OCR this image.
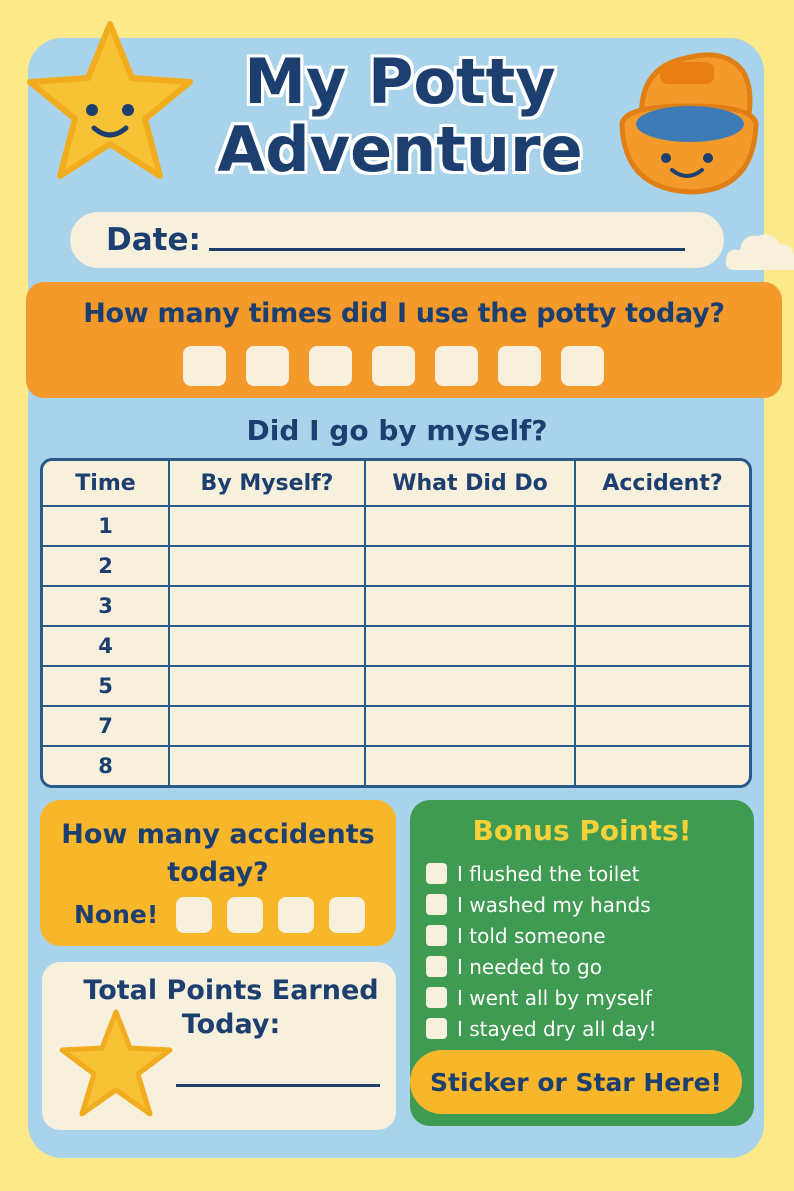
My Potty Adventure
Date:
How many times did I use the potty today?
Did I go by myself?
Time	By Myself?	What Did Do	Accident?
1			
2			
3			
4			
5			
7			
8			
How many accidents today?
None!
Total Points Earned Today:
Bonus Points!
I flushed the toilet
I washed my hands
I told someone
I needed to go
I went all by myself
I stayed dry all day!
Sticker or Star Here!
